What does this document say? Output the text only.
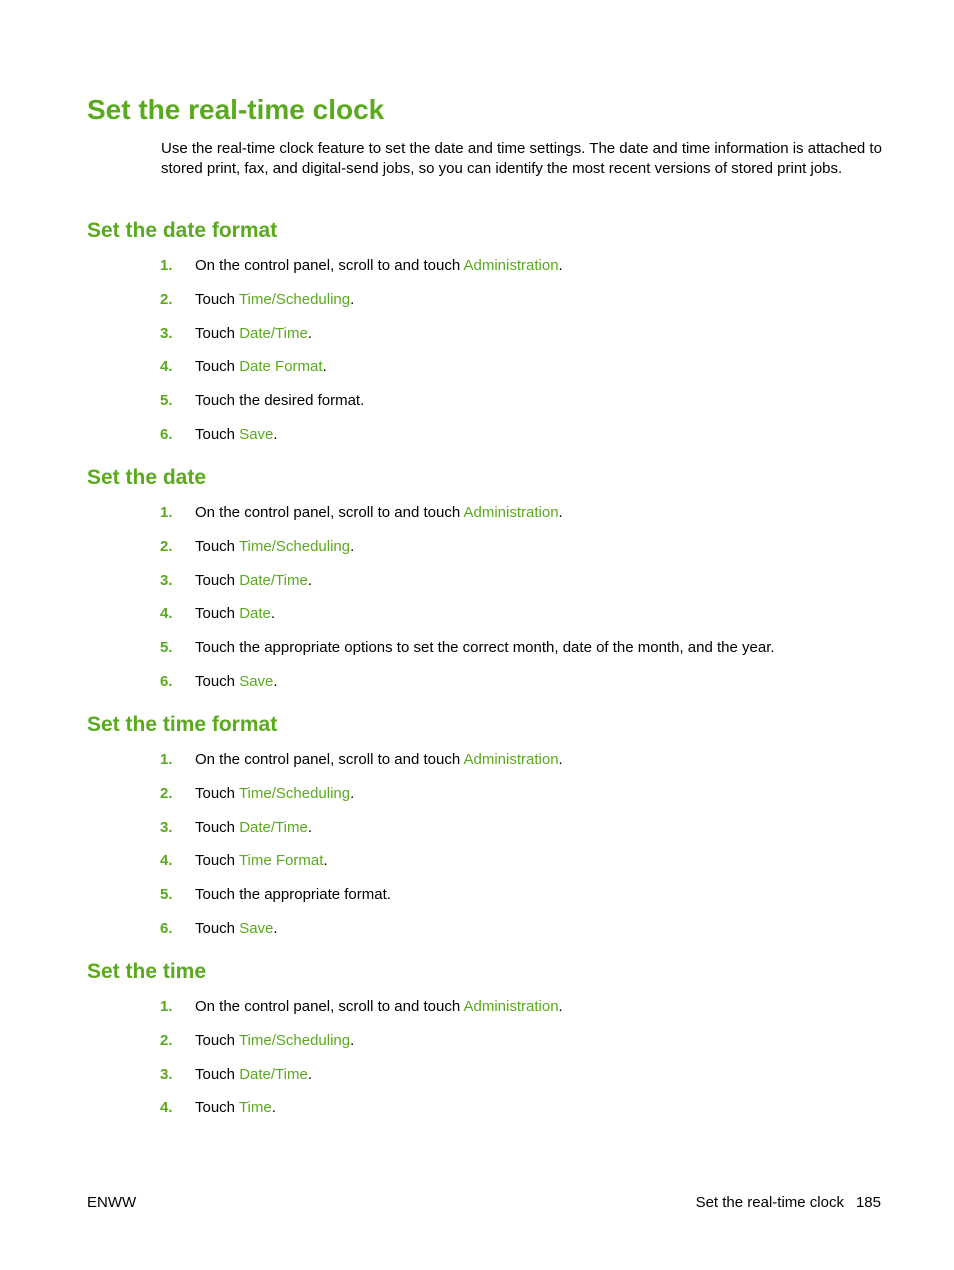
Set the real-time clock

Use the real-time clock feature to set the date and time settings. The date and time information is attached to stored print, fax, and digital-send jobs, so you can identify the most recent versions of stored print jobs.

Set the date format
1. On the control panel, scroll to and touch Administration.
2. Touch Time/Scheduling.
3. Touch Date/Time.
4. Touch Date Format.
5. Touch the desired format.
6. Touch Save.
Set the date
1. On the control panel, scroll to and touch Administration.
2. Touch Time/Scheduling.
3. Touch Date/Time.
4. Touch Date.
5. Touch the appropriate options to set the correct month, date of the month, and the year.
6. Touch Save.
Set the time format
1. On the control panel, scroll to and touch Administration.
2. Touch Time/Scheduling.
3. Touch Date/Time.
4. Touch Time Format.
5. Touch the appropriate format.
6. Touch Save.
Set the time
1. On the control panel, scroll to and touch Administration.
2. Touch Time/Scheduling.
3. Touch Date/Time.
4. Touch Time.
ENWW	Set the real-time clock 185
